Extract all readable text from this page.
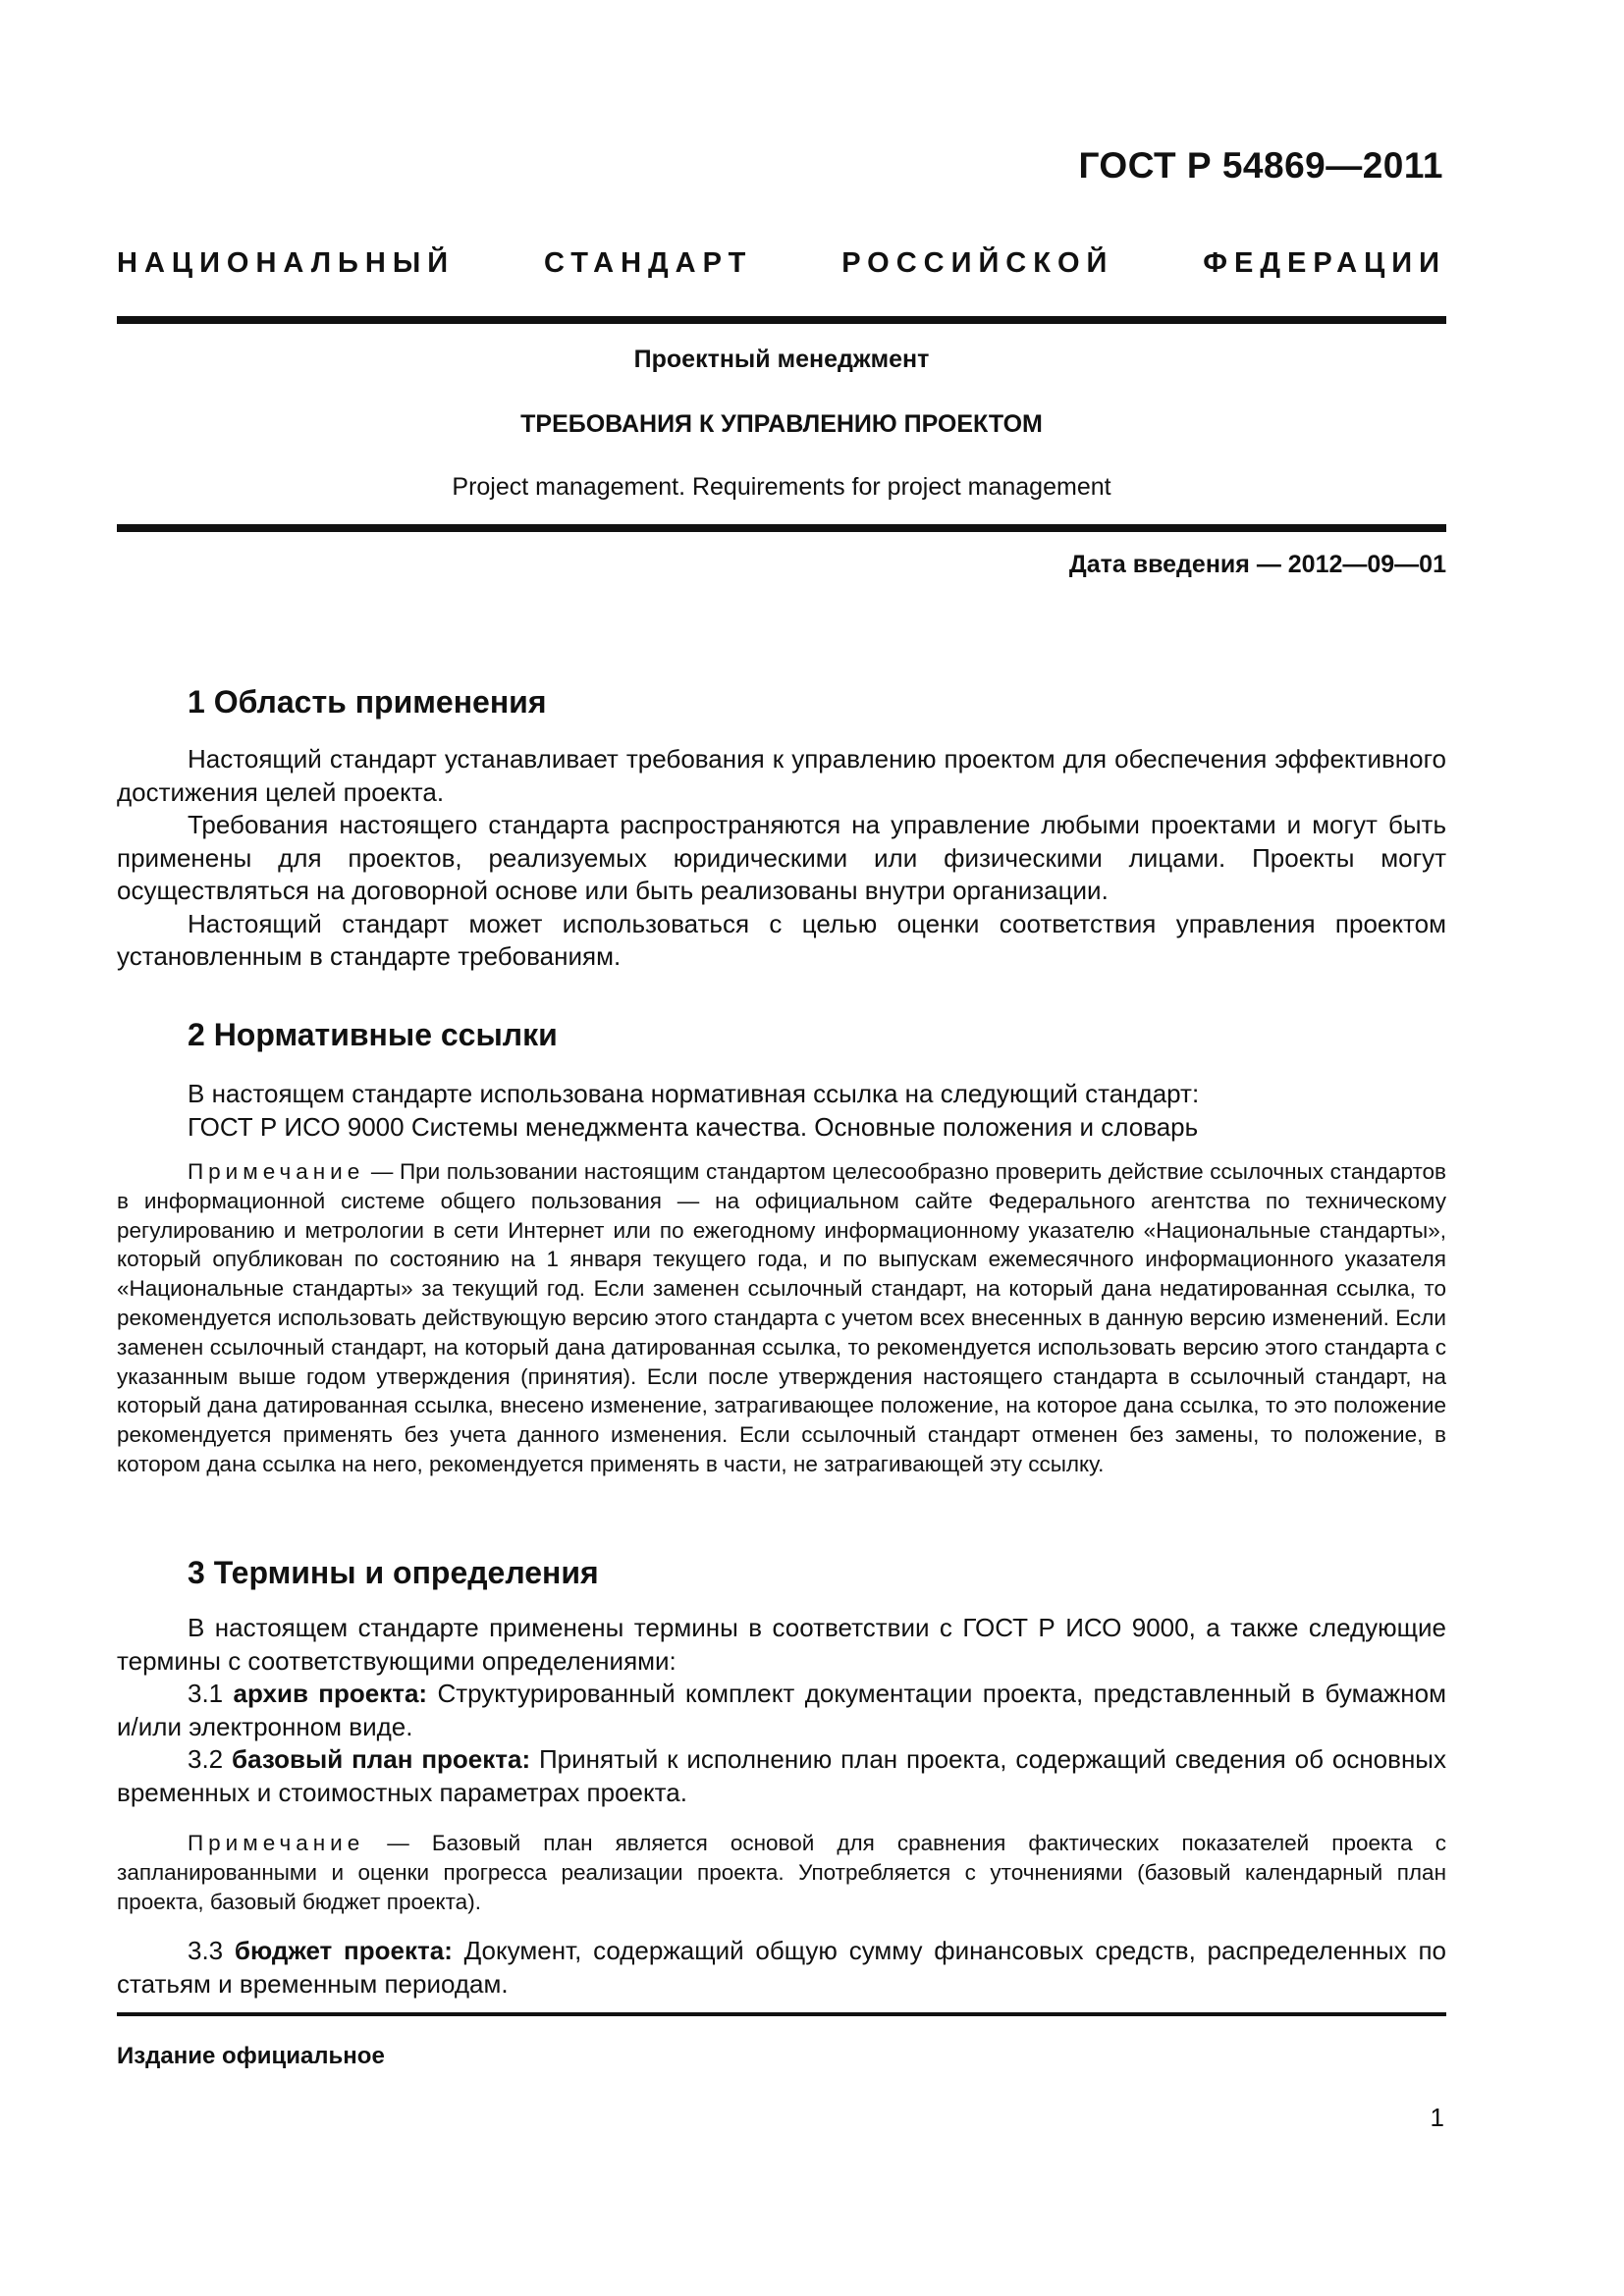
ГОСТ Р 54869—2011
НАЦИОНАЛЬНЫЙ СТАНДАРТ РОССИЙСКОЙ ФЕДЕРАЦИИ
Проектный менеджмент
ТРЕБОВАНИЯ К УПРАВЛЕНИЮ ПРОЕКТОМ
Project management. Requirements for project management
Дата введения — 2012—09—01
1 Область применения

Настоящий стандарт устанавливает требования к управлению проектом для обеспечения эффективного достижения целей проекта.

Требования настоящего стандарта распространяются на управление любыми проектами и могут быть применены для проектов, реализуемых юридическими или физическими лицами. Проекты могут осуществляться на договорной основе или быть реализованы внутри организации.

Настоящий стандарт может использоваться с целью оценки соответствия управления проектом установленным в стандарте требованиям.

2 Нормативные ссылки

В настоящем стандарте использована нормативная ссылка на следующий стандарт:

ГОСТ Р ИСО 9000 Системы менеджмента качества. Основные положения и словарь

Примечание — При пользовании настоящим стандартом целесообразно проверить действие ссылочных стандартов в информационной системе общего пользования — на официальном сайте Федерального агентства по техническому регулированию и метрологии в сети Интернет или по ежегодному информационному указателю «Национальные стандарты», который опубликован по состоянию на 1 января текущего года, и по выпускам ежемесячного информационного указателя «Национальные стандарты» за текущий год. Если заменен ссылочный стандарт, на который дана недатированная ссылка, то рекомендуется использовать действующую версию этого стандарта с учетом всех внесенных в данную версию изменений. Если заменен ссылочный стандарт, на который дана датированная ссылка, то рекомендуется использовать версию этого стандарта с указанным выше годом утверждения (принятия). Если после утверждения настоящего стандарта в ссылочный стандарт, на который дана датированная ссылка, внесено изменение, затрагивающее положение, на которое дана ссылка, то это положение рекомендуется применять без учета данного изменения. Если ссылочный стандарт отменен без замены, то положение, в котором дана ссылка на него, рекомендуется применять в части, не затрагивающей эту ссылку.

3 Термины и определения

В настоящем стандарте применены термины в соответствии с ГОСТ Р ИСО 9000, а также следующие термины с соответствующими определениями:

3.1 архив проекта: Структурированный комплект документации проекта, представленный в бумажном и/или электронном виде.

3.2 базовый план проекта: Принятый к исполнению план проекта, содержащий сведения об основных временных и стоимостных параметрах проекта.

Примечание — Базовый план является основой для сравнения фактических показателей проекта с запланированными и оценки прогресса реализации проекта. Употребляется с уточнениями (базовый календарный план проекта, базовый бюджет проекта).

3.3 бюджет проекта: Документ, содержащий общую сумму финансовых средств, распределенных по статьям и временным периодам.

Издание официальное
1
